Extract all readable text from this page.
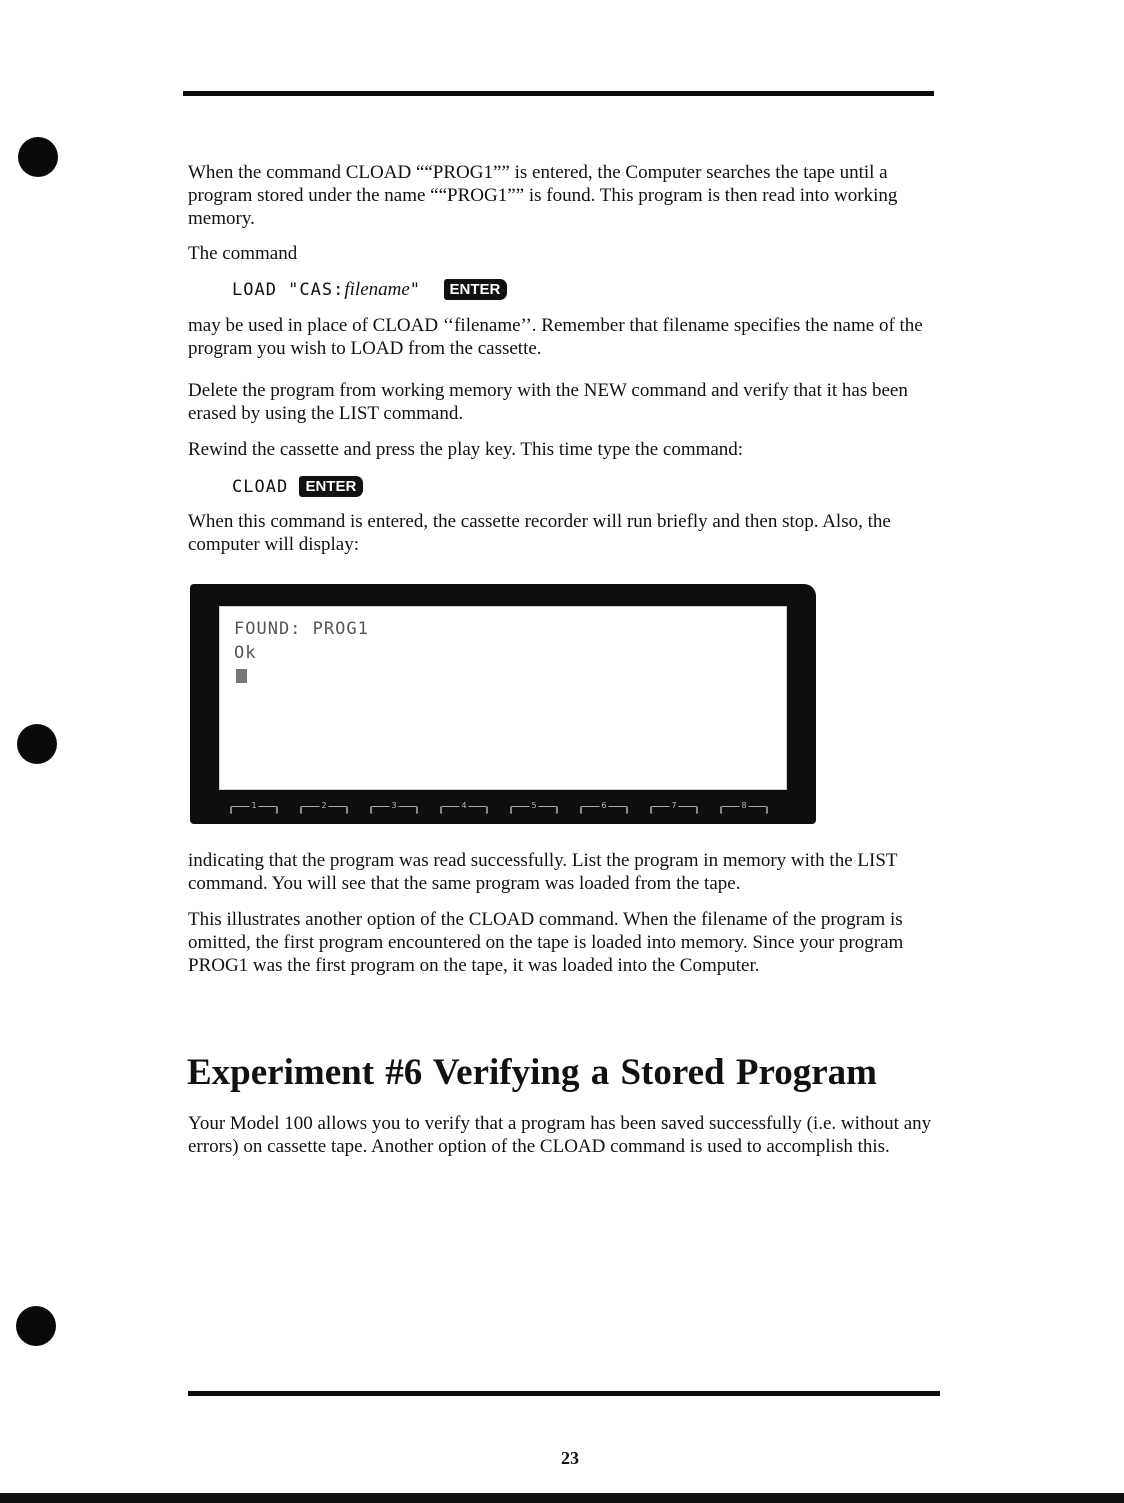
When the command CLOAD ““PROG1”” is entered, the Computer searches the tape until a program stored under the name ““PROG1”” is found. This program is then read into working memory.

The command

LOAD "CAS:filename" ENTER

may be used in place of CLOAD ‘‘filename’’. Remember that filename specifies the name of the program you wish to LOAD from the cassette.

Delete the program from working memory with the NEW command and verify that it has been erased by using the LIST command.

Rewind the cassette and press the play key. This time type the command:

CLOAD ENTER

When this command is entered, the cassette recorder will run briefly and then stop. Also, the computer will display:

FOUND: PROG1
Ok
1	2	3	4	5	6	7	8

indicating that the program was read successfully. List the program in memory with the LIST command. You will see that the same program was loaded from the tape.

This illustrates another option of the CLOAD command. When the filename of the program is omitted, the first program encountered on the tape is loaded into memory. Since your program PROG1 was the first program on the tape, it was loaded into the Computer.

Experiment #6 Verifying a Stored Program

Your Model 100 allows you to verify that a program has been saved successfully (i.e. without any errors) on cassette tape. Another option of the CLOAD command is used to accomplish this.

23
